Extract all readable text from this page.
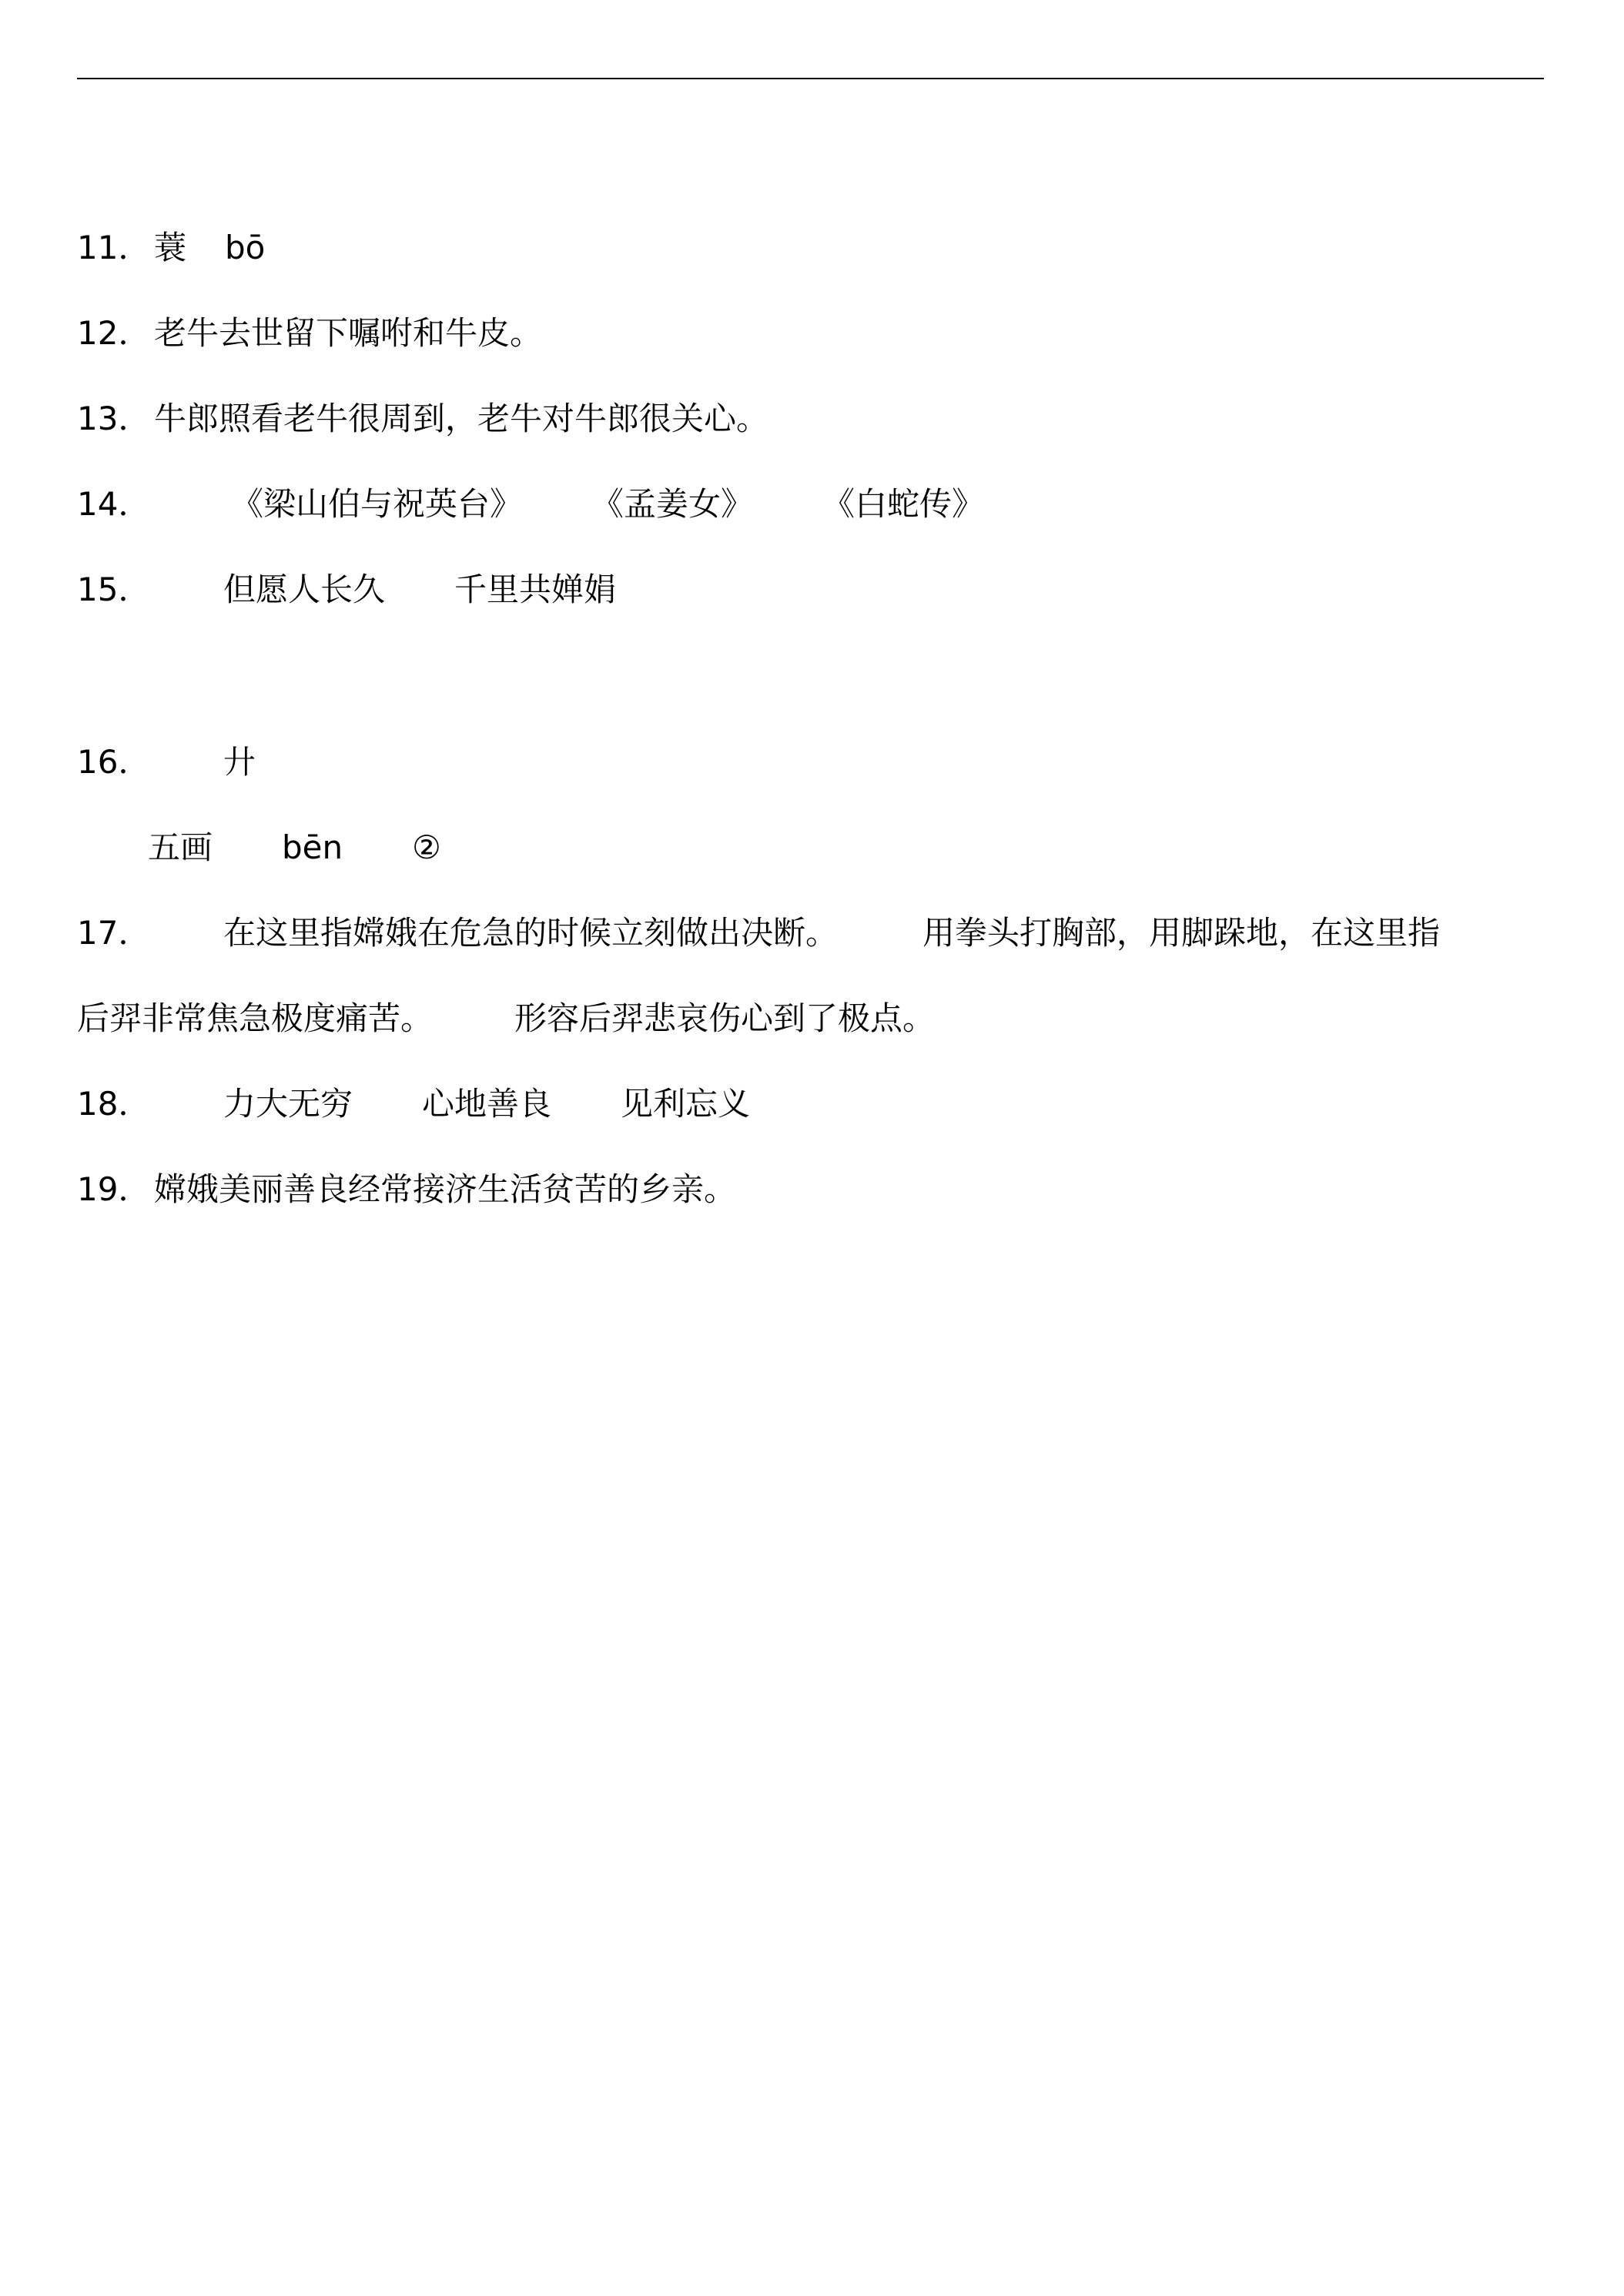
11． 蓑 bō
12． 老牛去世留下嘱咐和牛皮。
13． 牛郎照看老牛很周到，老牛对牛郎很关心。
14． 《梁山伯与祝英台》 《孟姜女》 《白蛇传》
15． 但愿人长久 千里共婵娟
16． 廾
五画 bēn ②
17． 在这里指嫦娥在危急的时候立刻做出决断。	用拳头打胸部，用脚跺地，在这里指
后羿非常焦急极度痛苦。	形容后羿悲哀伤心到了极点。
18． 力大无穷 心地善良 见利忘义
19． 嫦娥美丽善良经常接济生活贫苦的乡亲。
